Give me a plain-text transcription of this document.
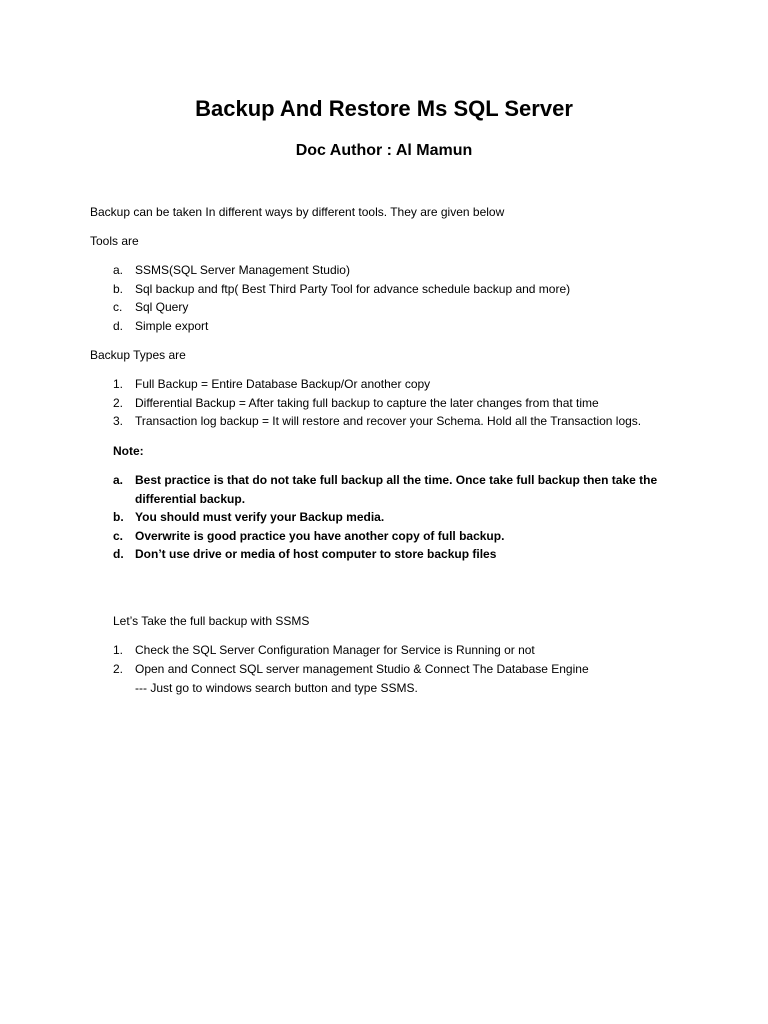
Backup And Restore Ms SQL Server
Doc Author : Al Mamun
Backup can be taken In different ways by different tools. They are given below
Tools are
a. SSMS(SQL Server Management Studio)
b. Sql backup and ftp( Best Third Party Tool for advance schedule backup and more)
c. Sql Query
d. Simple export
Backup Types are
1. Full Backup = Entire Database Backup/Or another copy
2. Differential Backup = After taking full backup to capture the later changes from that time
3. Transaction log backup = It will restore and recover your Schema. Hold all the Transaction logs.
Note:
a. Best practice is that do not take full backup all the time. Once take full backup then take the differential backup.
b. You should must verify your Backup media.
c. Overwrite is good practice you have another copy of full backup.
d. Don’t use drive or media of host computer to store backup files
Let’s Take the full backup with SSMS
1. Check the SQL Server Configuration Manager for Service is Running or not
2. Open and Connect SQL server management Studio & Connect The Database Engine
--- Just go to windows search button and type SSMS.
